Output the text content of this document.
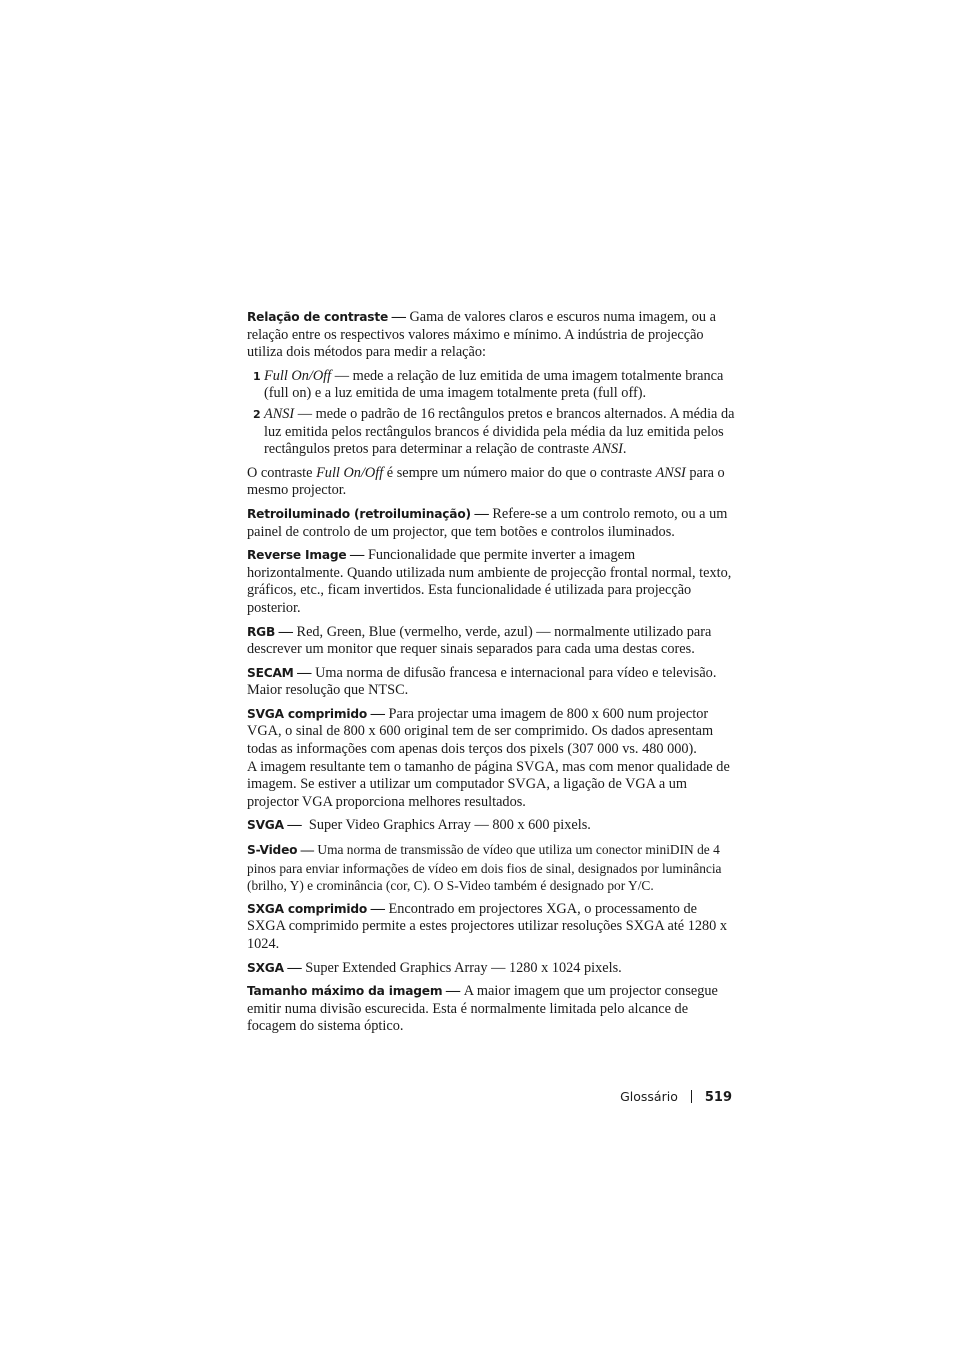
Relação de contraste — Gama de valores claros e escuros numa imagem, ou a relação entre os respectivos valores máximo e mínimo. A indústria de projecção utiliza dois métodos para medir a relação:

1 Full On/Off — mede a relação de luz emitida de uma imagem totalmente branca (full on) e a luz emitida de uma imagem totalmente preta (full off).
2 ANSI — mede o padrão de 16 rectângulos pretos e brancos alternados. A média da luz emitida pelos rectângulos brancos é dividida pela média da luz emitida pelos rectângulos pretos para determinar a relação de contraste ANSI.

O contraste Full On/Off é sempre um número maior do que o contraste ANSI para o mesmo projector.

Retroiluminado (retroiluminação) — Refere-se a um controlo remoto, ou a um painel de controlo de um projector, que tem botões e controlos iluminados.

Reverse Image — Funcionalidade que permite inverter a imagem horizontalmente. Quando utilizada num ambiente de projecção frontal normal, texto, gráficos, etc., ficam invertidos. Esta funcionalidade é utilizada para projecção posterior.

RGB — Red, Green, Blue (vermelho, verde, azul) — normalmente utilizado para descrever um monitor que requer sinais separados para cada uma destas cores.

SECAM — Uma norma de difusão francesa e internacional para vídeo e televisão. Maior resolução que NTSC.

SVGA comprimido — Para projectar uma imagem de 800 x 600 num projector VGA, o sinal de 800 x 600 original tem de ser comprimido. Os dados apresentam todas as informações com apenas dois terços dos pixels (307 000 vs. 480 000).
A imagem resultante tem o tamanho de página SVGA, mas com menor qualidade de imagem. Se estiver a utilizar um computador SVGA, a ligação de VGA a um projector VGA proporciona melhores resultados.

SVGA —  Super Video Graphics Array — 800 x 600 pixels.

S-Video — Uma norma de transmissão de vídeo que utiliza um conector miniDIN de 4 pinos para enviar informações de vídeo em dois fios de sinal, designados por luminância (brilho, Y) e crominância (cor, C). O S-Video também é designado por Y/C.

SXGA comprimido — Encontrado em projectores XGA, o processamento de SXGA comprimido permite a estes projectores utilizar resoluções SXGA até 1280 x 1024.

SXGA — Super Extended Graphics Array — 1280 x 1024 pixels.

Tamanho máximo da imagem — A maior imagem que um projector consegue emitir numa divisão escurecida. Esta é normalmente limitada pelo alcance de focagem do sistema óptico.

Glossário 519
